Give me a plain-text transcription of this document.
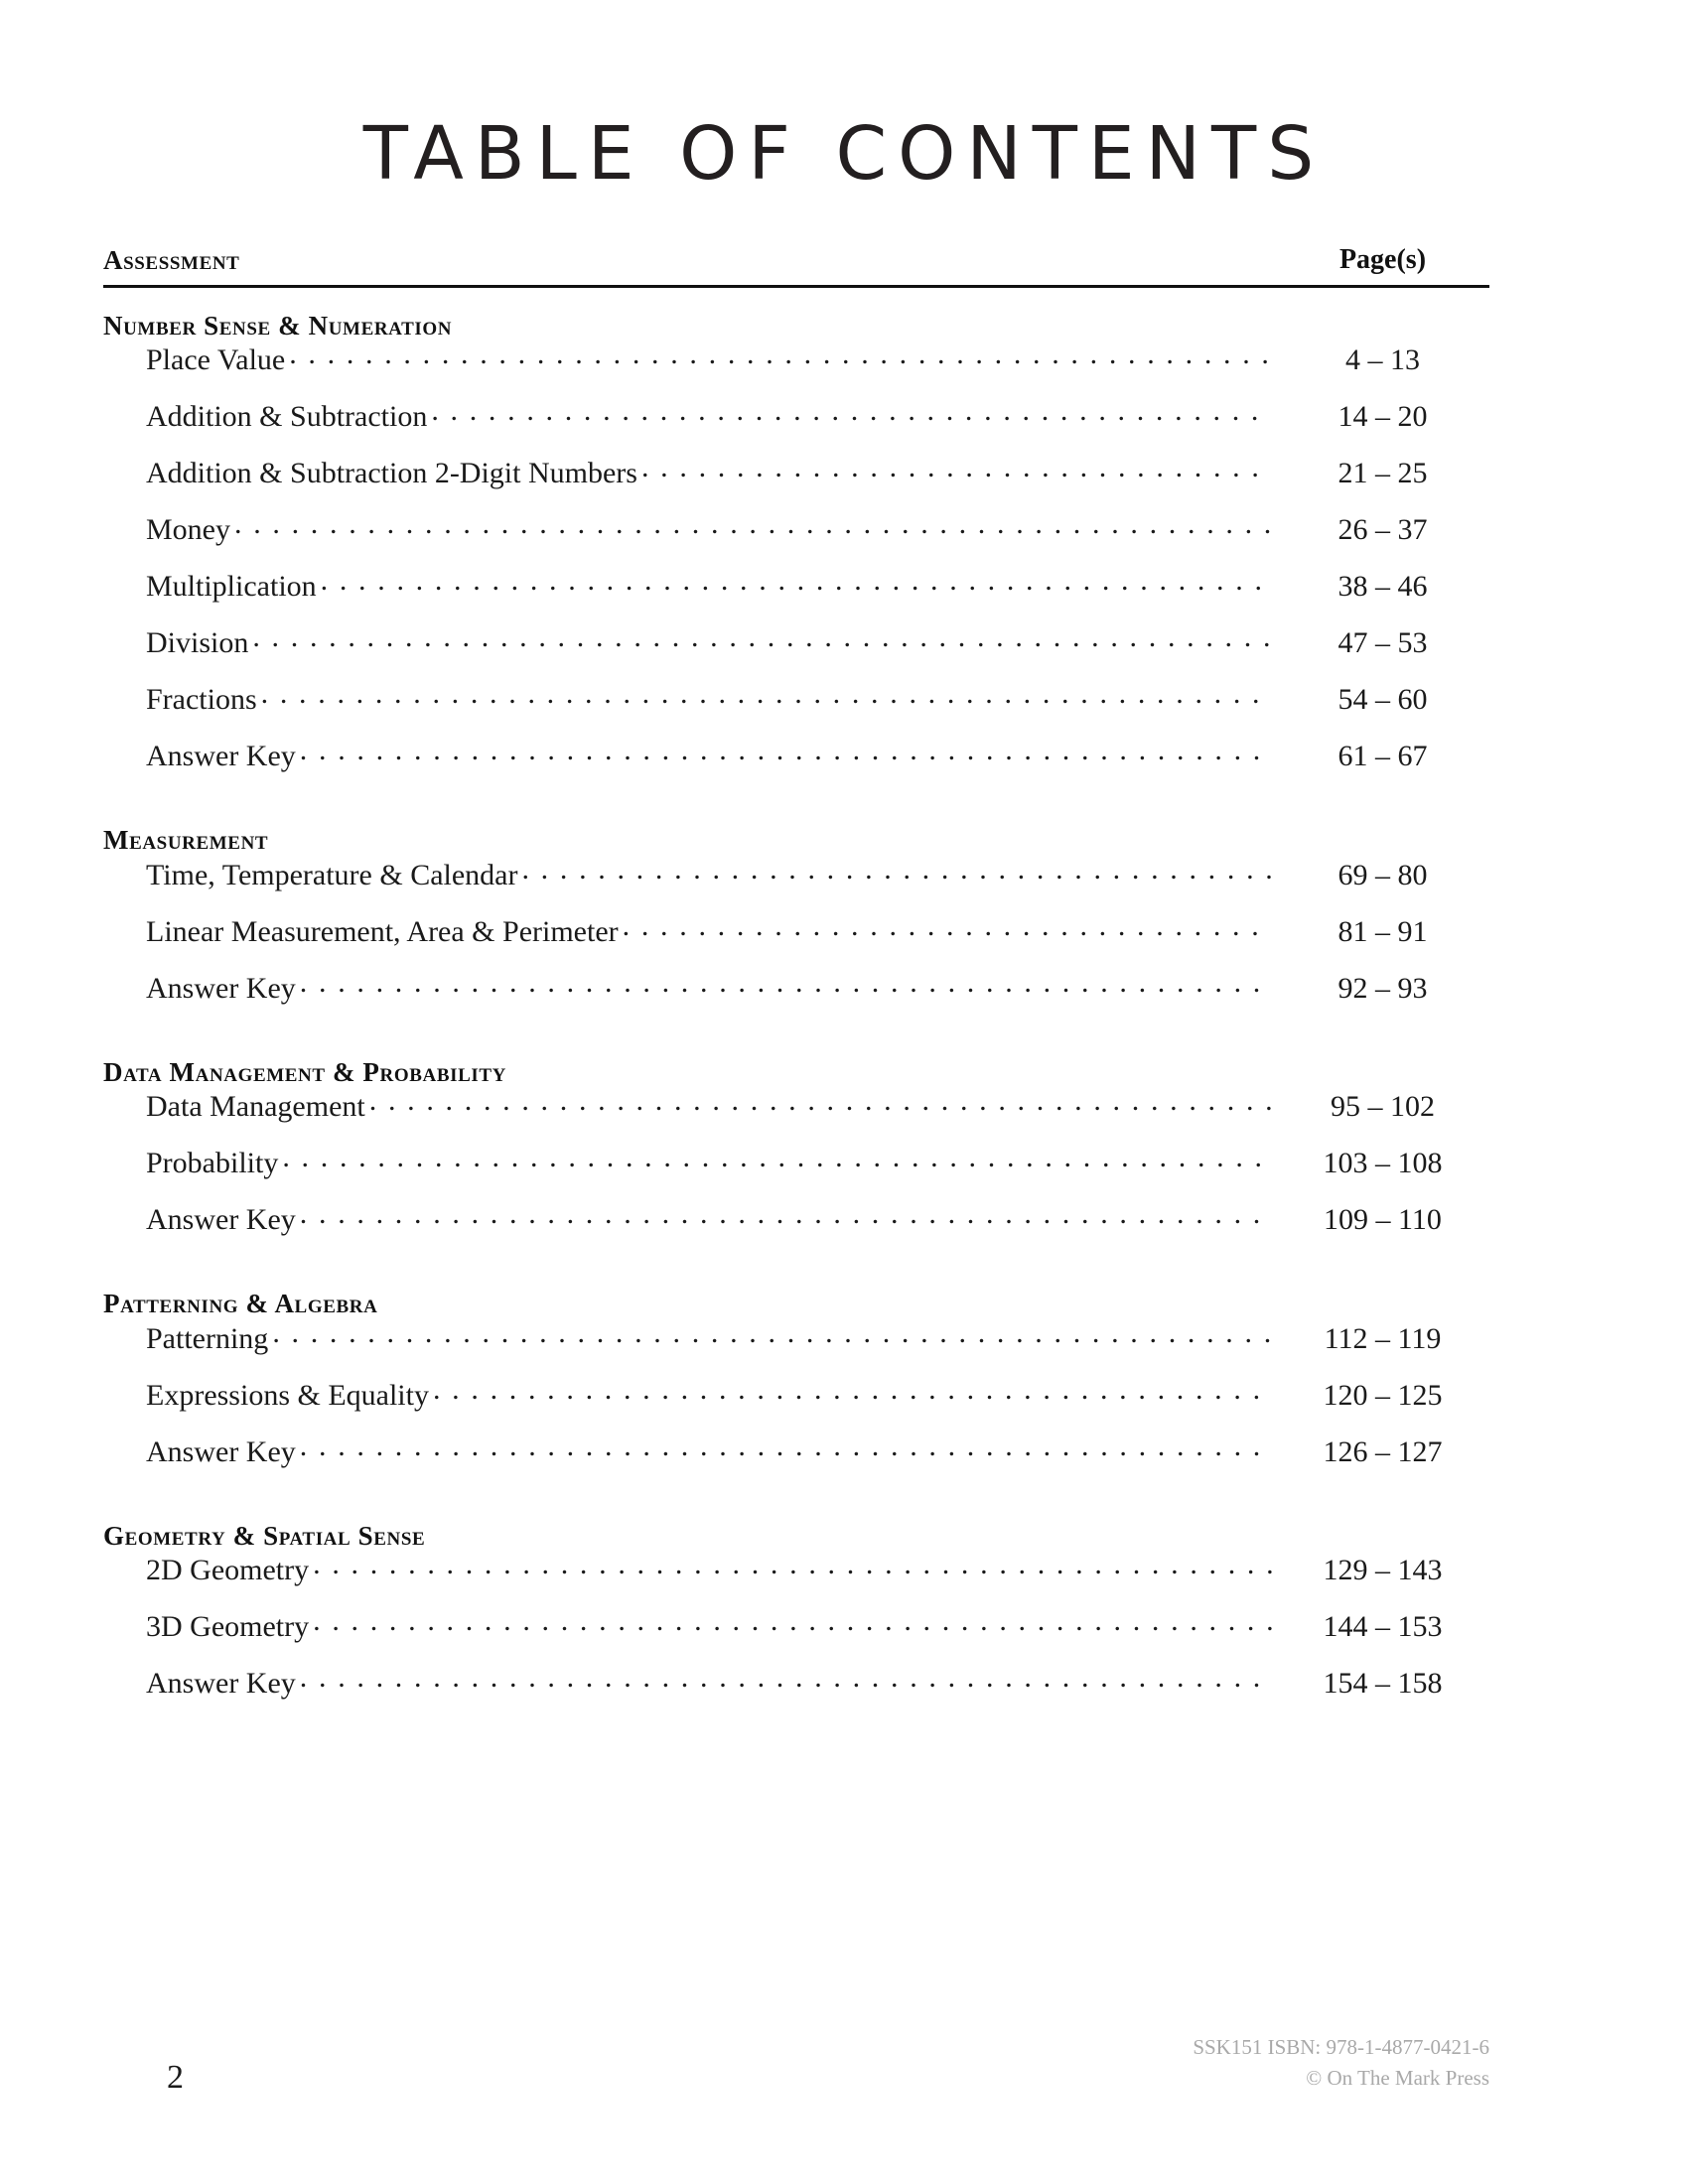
TABLE OF CONTENTS
Assessment	Page(s)
Number Sense & Numeration
Place Value . . .	4 – 13
Addition & Subtraction . . .	14 – 20
Addition & Subtraction 2-Digit Numbers . . .	21 – 25
Money . . .	26 – 37
Multiplication . . .	38 – 46
Division . . .	47 – 53
Fractions . . .	54 – 60
Answer Key . . .	61 – 67
Measurement
Time, Temperature & Calendar . . .	69 – 80
Linear Measurement, Area & Perimeter . . .	81 – 91
Answer Key . . .	92 – 93
Data Management & Probability
Data Management . . .	95 – 102
Probability . . .	103 – 108
Answer Key . . .	109 – 110
Patterning & Algebra
Patterning . . .	112 – 119
Expressions & Equality . . .	120 – 125
Answer Key . . .	126 – 127
Geometry & Spatial Sense
2D Geometry . . .	129 – 143
3D Geometry . . .	144 – 153
Answer Key . . .	154 – 158
2
SSK151 ISBN: 978-1-4877-0421-6
© On The Mark Press
